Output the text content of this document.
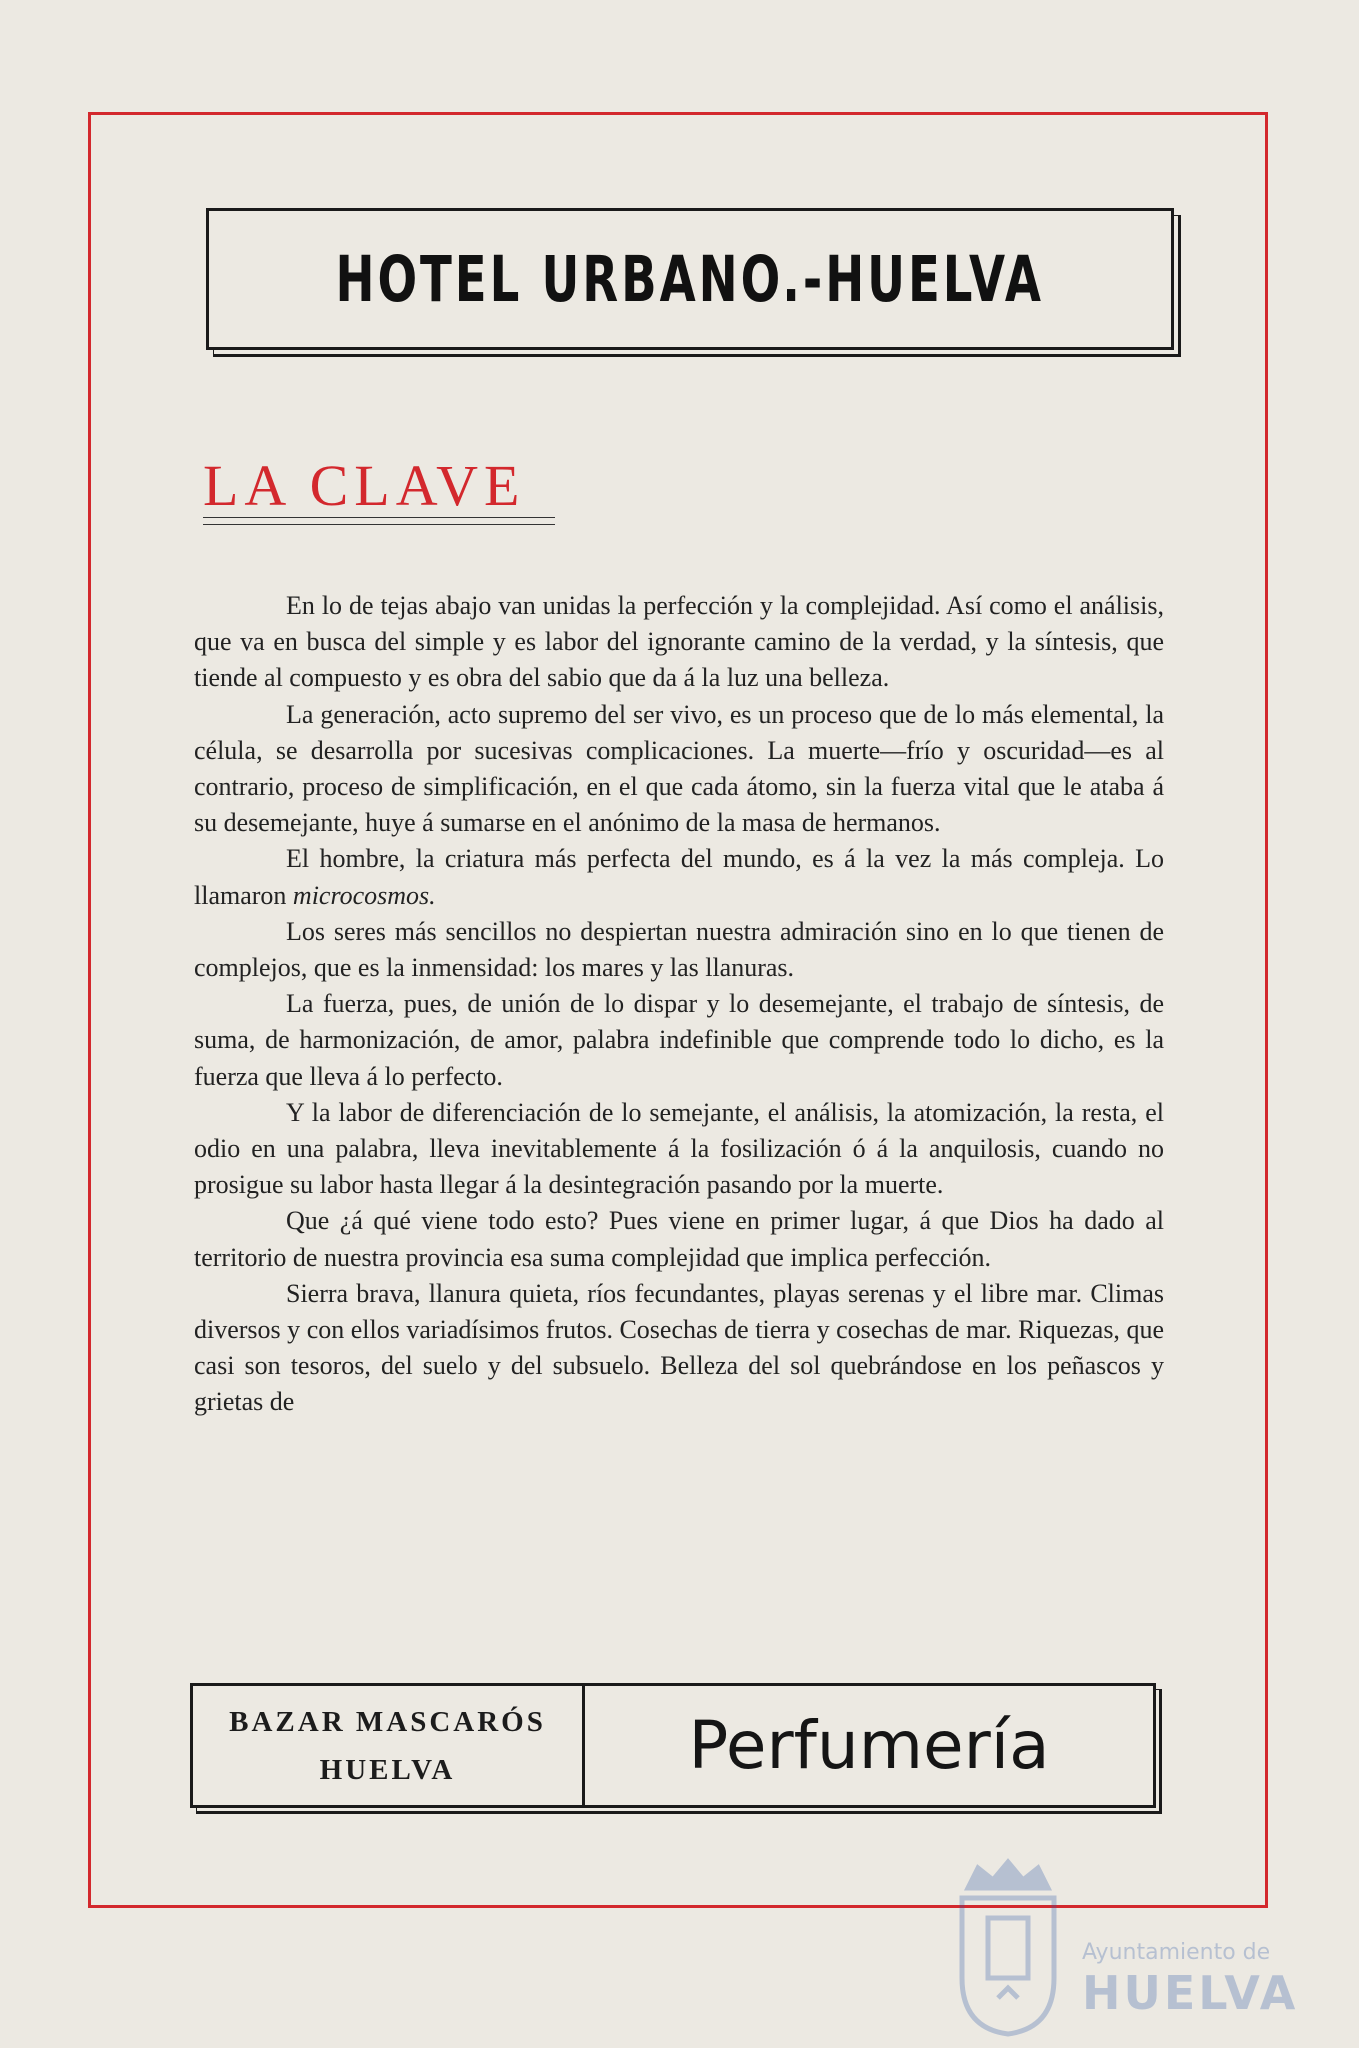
HOTEL URBANO.-HUELVA
LA CLAVE

En lo de tejas abajo van unidas la perfección y la complejidad. Así como el análisis, que va en busca del simple y es labor del ignorante camino de la verdad, y la síntesis, que tiende al compuesto y es obra del sabio que da á la luz una belleza.

La generación, acto supremo del ser vivo, es un proceso que de lo más elemental, la célula, se desarrolla por sucesivas complicaciones. La muerte—frío y oscuridad—es al contrario, proceso de simplificación, en el que cada átomo, sin la fuerza vital que le ataba á su desemejante, huye á sumarse en el anónimo de la masa de hermanos.

El hombre, la criatura más perfecta del mundo, es á la vez la más compleja. Lo llamaron microcosmos.

Los seres más sencillos no despiertan nuestra admiración sino en lo que tienen de complejos, que es la inmensidad: los mares y las llanuras.

La fuerza, pues, de unión de lo dispar y lo desemejante, el trabajo de síntesis, de suma, de harmonización, de amor, palabra indefinible que comprende todo lo dicho, es la fuerza que lleva á lo perfecto.

Y la labor de diferenciación de lo semejante, el análisis, la atomización, la resta, el odio en una palabra, lleva inevitablemente á la fosilización ó á la anquilosis, cuando no prosigue su labor hasta llegar á la desintegración pasando por la muerte.

Que ¿á qué viene todo esto? Pues viene en primer lugar, á que Dios ha dado al territorio de nuestra provincia esa suma complejidad que implica perfección.

Sierra brava, llanura quieta, ríos fecundantes, playas serenas y el libre mar. Climas diversos y con ellos variadísimos frutos. Cosechas de tierra y cosechas de mar. Riquezas, que casi son tesoros, del suelo y del subsuelo. Belleza del sol quebrándose en los peñascos y grietas de

BAZAR MASCARÓS
HUELVA	Perfumería
Ayuntamiento de
HUELVA
